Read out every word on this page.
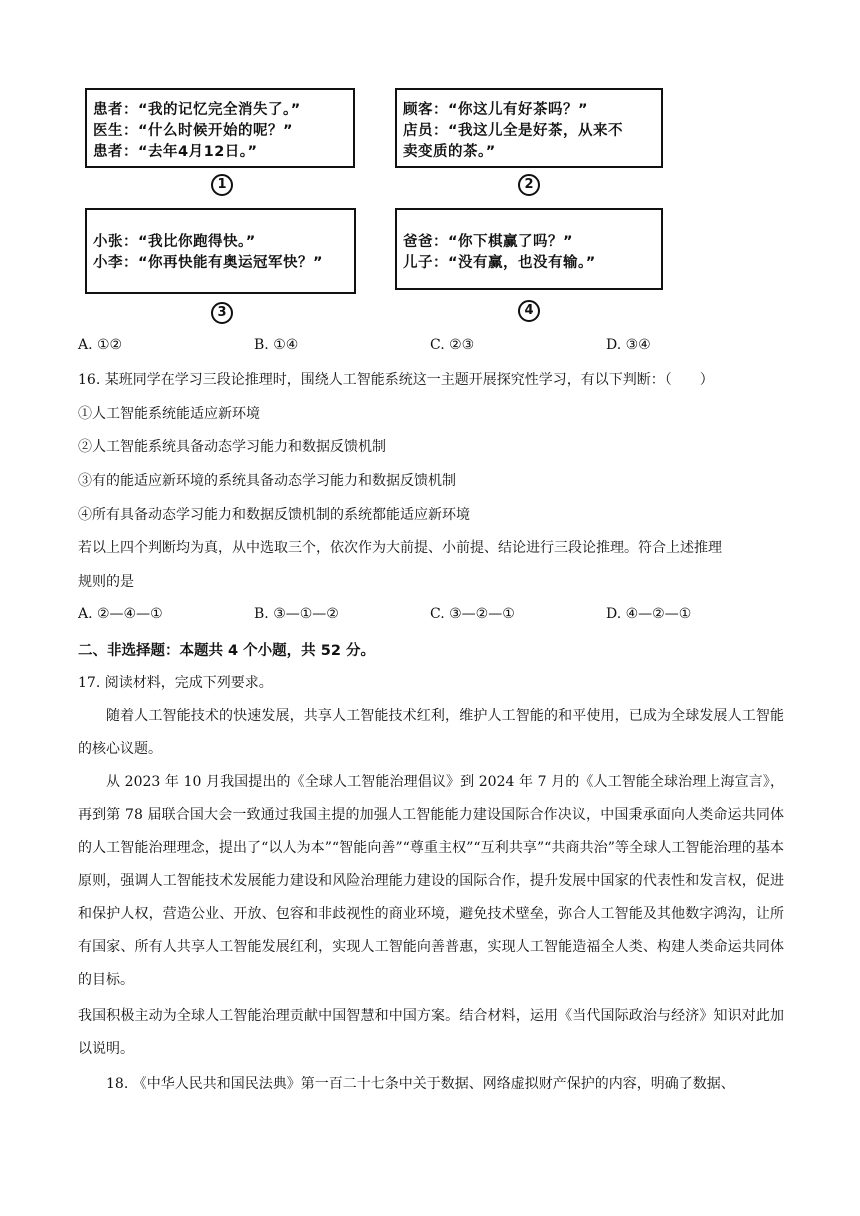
患者：“我的记忆完全消失了。”
医生：“什么时候开始的呢？”
患者：“去年4月12日。”
1
顾客：“你这儿有好茶吗？”
店员：“我这儿全是好茶，从来不
卖变质的茶。”
2
小张：“我比你跑得快。”
小李：“你再快能有奥运冠军快？”
3
爸爸：“你下棋赢了吗？”
儿子：“没有赢，也没有输。”
4
A. ①②	B. ①④	C. ②③	D. ③④
16. 某班同学在学习三段论推理时，围绕人工智能系统这一主题开展探究性学习，有以下判断：（　　）
①人工智能系统能适应新环境
②人工智能系统具备动态学习能力和数据反馈机制
③有的能适应新环境的系统具备动态学习能力和数据反馈机制
④所有具备动态学习能力和数据反馈机制的系统都能适应新环境
若以上四个判断均为真，从中选取三个，依次作为大前提、小前提、结论进行三段论推理。符合上述推理
规则的是
A. ②—④—①	B. ③—①—②	C. ③—②—①	D. ④—②—①
二、非选择题：本题共 4 个小题，共 52 分。
17. 阅读材料，完成下列要求。
随着人工智能技术的快速发展，共享人工智能技术红利，维护人工智能的和平使用，已成为全球发展人工智能的核心议题。
从 2023 年 10 月我国提出的《全球人工智能治理倡议》到 2024 年 7 月的《人工智能全球治理上海宣言》，再到第 78 届联合国大会一致通过我国主提的加强人工智能能力建设国际合作决议，中国秉承面向人类命运共同体的人工智能治理理念，提出了“以人为本”“智能向善”“尊重主权”“互利共享”“共商共治”等全球人工智能治理的基本原则，强调人工智能技术发展能力建设和风险治理能力建设的国际合作，提升发展中国家的代表性和发言权，促进和保护人权，营造公业、开放、包容和非歧视性的商业环境，避免技术壁垒，弥合人工智能及其他数字鸿沟，让所有国家、所有人共享人工智能发展红利，实现人工智能向善普惠，实现人工智能造福全人类、构建人类命运共同体的目标。
我国积极主动为全球人工智能治理贡献中国智慧和中国方案。结合材料，运用《当代国际政治与经济》知识对此加以说明。
18. 《中华人民共和国民法典》第一百二十七条中关于数据、网络虚拟财产保护的内容，明确了数据、
